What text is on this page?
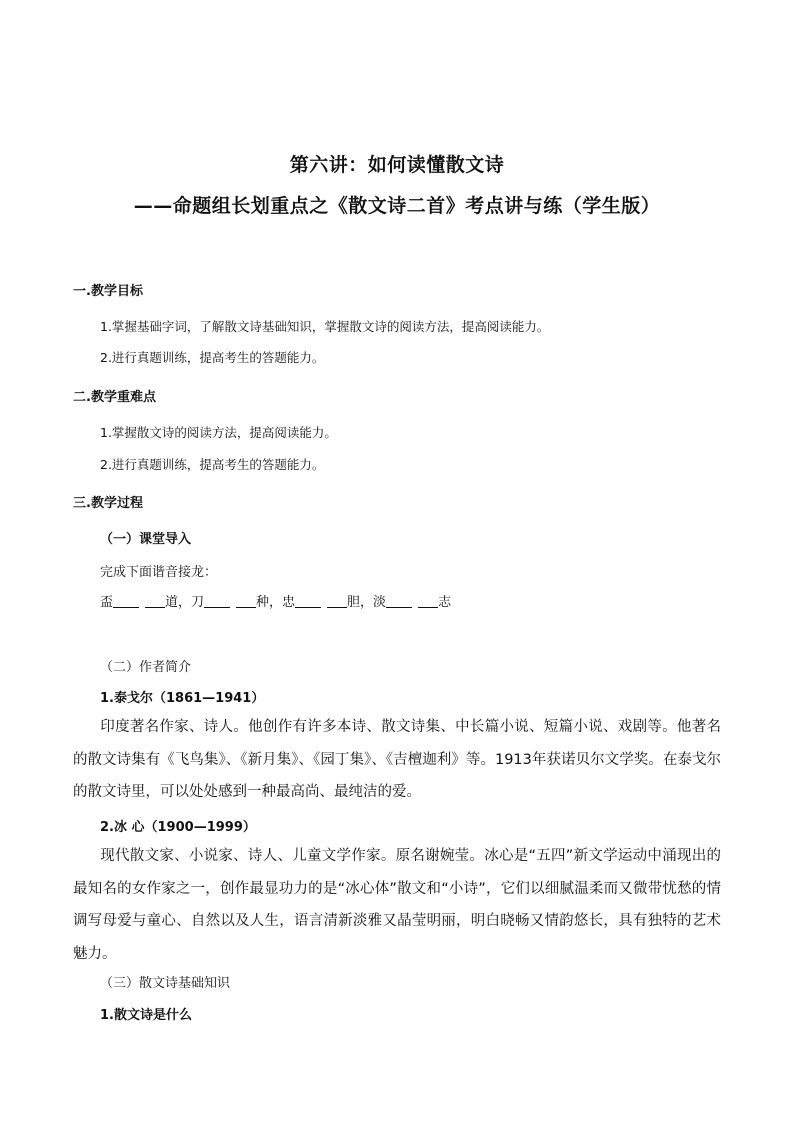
第六讲：如何读懂散文诗
——命题组长划重点之《散文诗二首》考点讲与练（学生版）
一.教学目标
1.掌握基础字词，了解散文诗基础知识，掌握散文诗的阅读方法，提高阅读能力。
2.进行真题训练，提高考生的答题能力。
二.教学重难点
1.掌握散文诗的阅读方法，提高阅读能力。
2.进行真题训练，提高考生的答题能力。
三.教学过程
（一）课堂导入
完成下面谐音接龙：
盃	道，刀	种，忠	胆，淡	志
（二）作者简介
1.泰戈尔（1861—1941）
印度著名作家、诗人。他创作有许多本诗、散文诗集、中长篇小说、短篇小说、戏剧等。他著名的散文诗集有《飞鸟集》、《新月集》、《园丁集》、《吉檀迦利》等。1913年获诺贝尔文学奖。在泰戈尔的散文诗里，可以处处感到一种最高尚、最纯洁的爱。
2.冰 心（1900—1999）
现代散文家、小说家、诗人、儿童文学作家。原名谢婉莹。冰心是“五四”新文学运动中涌现出的最知名的女作家之一，创作最显功力的是“冰心体”散文和“小诗”，它们以细腻温柔而又微带忧愁的情调写母爱与童心、自然以及人生，语言清新淡雅又晶莹明丽，明白晓畅又情韵悠长，具有独特的艺术魅力。
（三）散文诗基础知识
1.散文诗是什么
